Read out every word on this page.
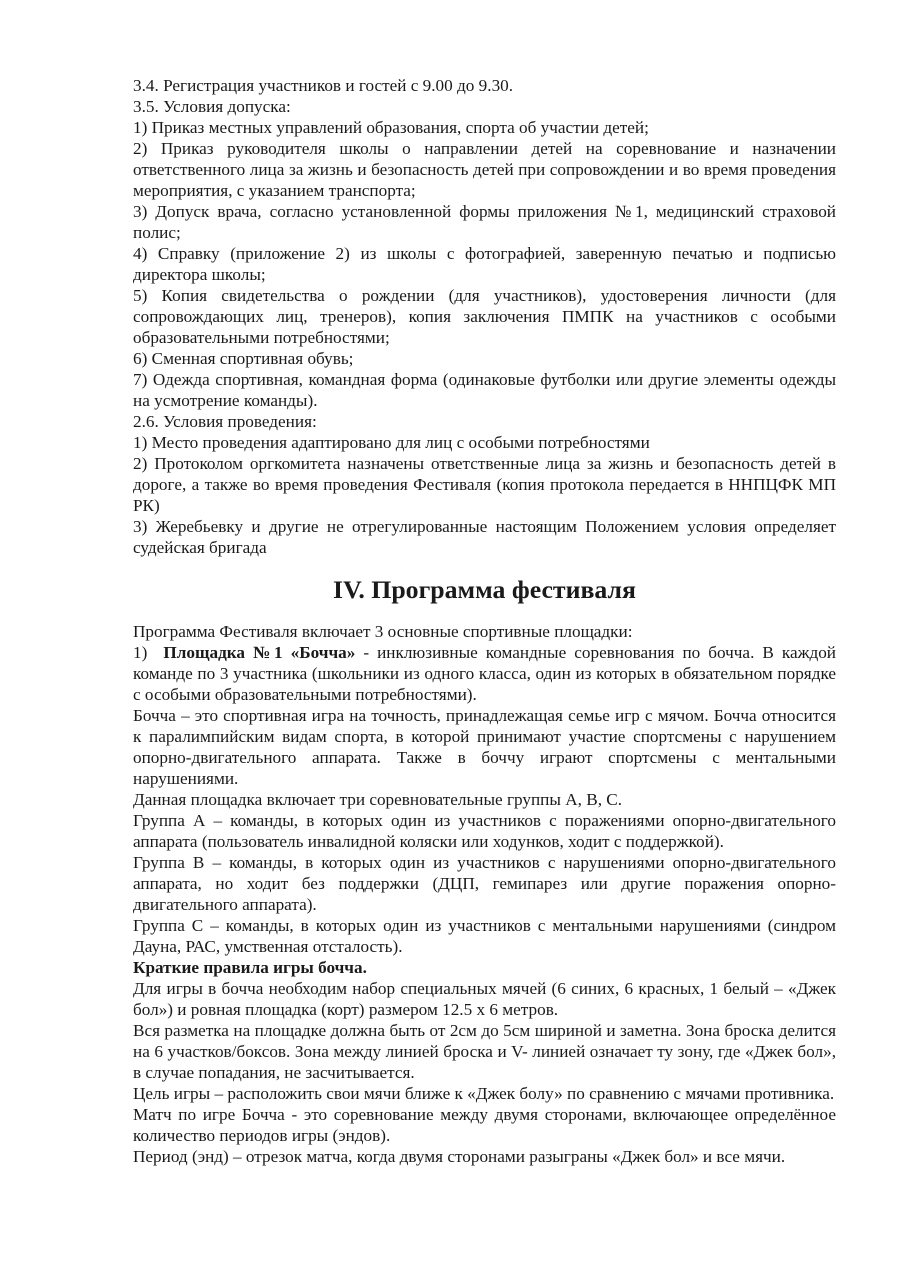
3.4. Регистрация участников и гостей с 9.00 до 9.30.

3.5. Условия допуска:

1) Приказ местных управлений образования, спорта об участии детей;

2) Приказ руководителя школы о направлении детей на соревнование и назначении ответственного лица за жизнь и безопасность детей при сопровождении и во время проведения мероприятия, с указанием транспорта;

3) Допуск врача, согласно установленной формы приложения №1, медицинский страховой полис;

4) Справку (приложение 2) из школы с фотографией, заверенную печатью и подписью директора школы;

5) Копия свидетельства о рождении (для участников), удостоверения личности (для сопровождающих лиц, тренеров), копия заключения ПМПК на участников с особыми образовательными потребностями;

6) Сменная спортивная обувь;

7) Одежда спортивная, командная форма (одинаковые футболки или другие элементы одежды на усмотрение команды).

2.6. Условия проведения:

1) Место проведения адаптировано для лиц с особыми потребностями

2) Протоколом оргкомитета назначены ответственные лица за жизнь и безопасность детей в дороге, а также во время проведения Фестиваля (копия протокола передается в ННПЦФК МП РК)

3) Жеребьевку и другие не отрегулированные настоящим Положением условия определяет судейская бригада

IV. Программа фестиваля

Программа Фестиваля включает 3 основные спортивные площадки:

1)  Площадка №1 «Бочча» - инклюзивные командные соревнования по бочча. В каждой команде по 3 участника (школьники из одного класса, один из которых в обязательном порядке с особыми образовательными потребностями).

Бочча – это спортивная игра на точность, принадлежащая семье игр с мячом. Бочча относится к паралимпийским видам спорта, в которой принимают участие спортсмены с нарушением опорно-двигательного аппарата. Также в боччу играют спортсмены с ментальными нарушениями.

Данная площадка включает три соревновательные группы A, B, C.

Группа А – команды, в которых один из участников с поражениями опорно-двигательного аппарата (пользователь инвалидной коляски или ходунков, ходит с поддержкой).

Группа В – команды, в которых один из участников с нарушениями опорно-двигательного аппарата, но ходит без поддержки (ДЦП, гемипарез или другие поражения опорно-двигательного аппарата).

Группа С – команды, в которых один из участников с ментальными нарушениями (синдром Дауна, РАС, умственная отсталость).

Краткие правила игры бочча.

Для игры в бочча необходим набор специальных мячей (6 синих, 6 красных, 1 белый – «Джек бол») и ровная площадка (корт) размером 12.5 х 6 метров.

Вся разметка на площадке должна быть от 2см до 5см шириной и заметна. Зона броска делится на 6 участков/боксов. Зона между линией броска и V- линией означает ту зону, где «Джек бол», в случае попадания, не засчитывается.

Цель игры – расположить свои мячи ближе к «Джек болу» по сравнению с мячами противника.

Матч по игре Бочча - это соревнование между двумя сторонами, включающее определённое количество периодов игры (эндов).

Период (энд) – отрезок матча, когда двумя сторонами разыграны «Джек бол» и все мячи.
